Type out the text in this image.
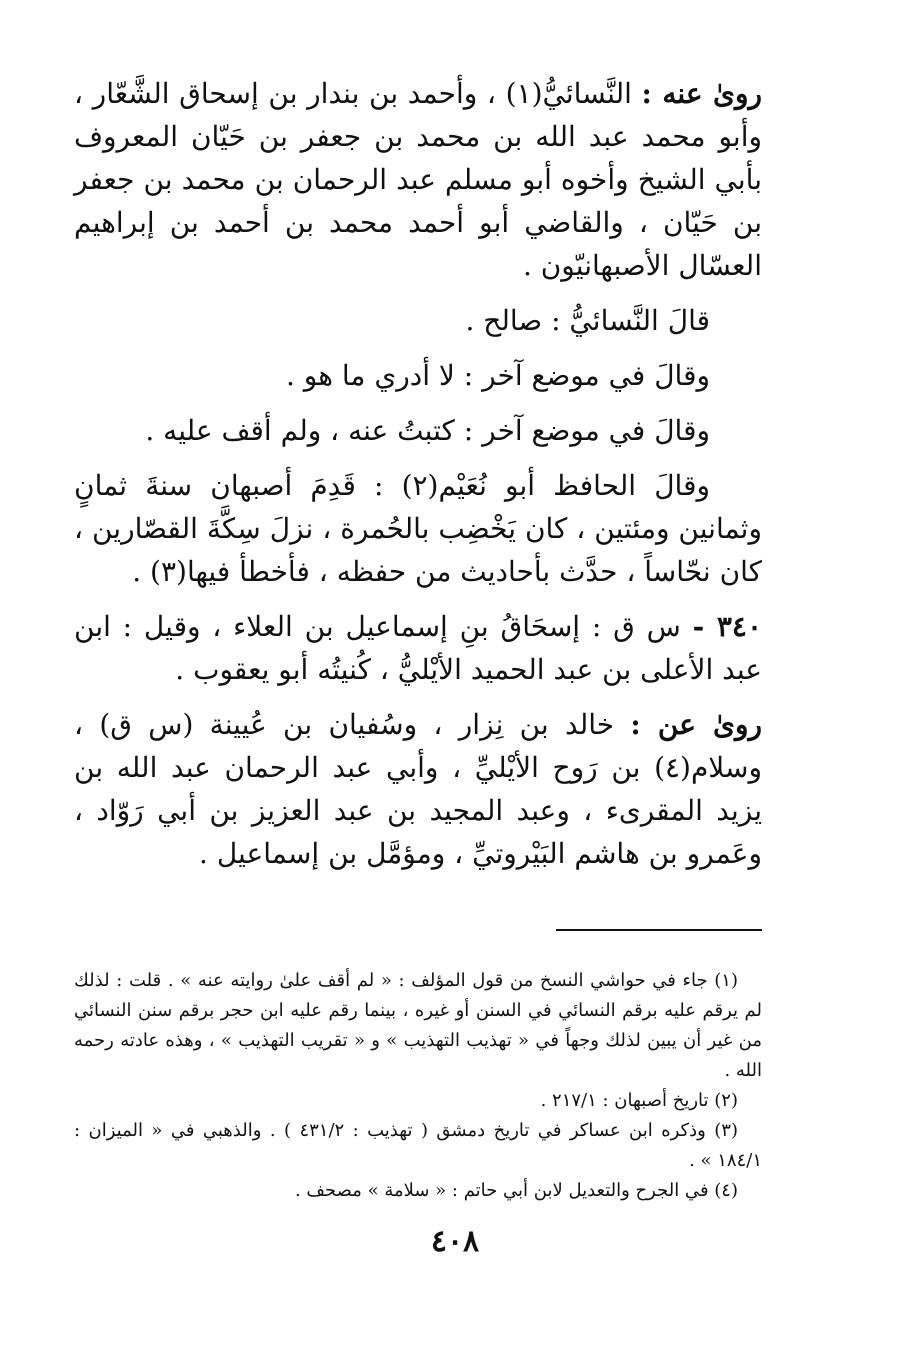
روىٰ عنه : النَّسائيُّ(١) ، وأحمد بن بندار بن إسحاق الشَّعّار ، وأبو محمد عبد الله بن محمد بن جعفر بن حَيّان المعروف بأبي الشيخ وأخوه أبو مسلم عبد الرحمان بن محمد بن جعفر بن حَيّان ، والقاضي أبو أحمد محمد بن أحمد بن إبراهيم العسّال الأصبهانيّون .

قالَ النَّسائيُّ : صالح .

وقالَ في موضع آخر : لا أدري ما هو .

وقالَ في موضع آخر : كتبتُ عنه ، ولم أقف عليه .

وقالَ الحافظ أبو نُعَيْم(٢) : قَدِمَ أصبهان سنةَ ثمانٍ وثمانين ومئتين ، كان يَخْضِب بالحُمرة ، نزلَ سِكَّةَ القصّارين ، كان نحّاساً ، حدَّث بأحاديث من حفظه ، فأخطأ فيها(٣) .

٣٤٠ - س ق : إسحَاقُ بنِ إسماعيل بن العلاء ، وقيل : ابن عبد الأعلى بن عبد الحميد الأيْليُّ ، كُنيتُه أبو يعقوب .

روىٰ عن : خالد بن نِزار ، وسُفيان بن عُيينة (س ق) ، وسلام(٤) بن رَوح الأيْليِّ ، وأبي عبد الرحمان عبد الله بن يزيد المقرىء ، وعبد المجيد بن عبد العزيز بن أبي رَوّاد ، وعَمرو بن هاشم البَيْروتيِّ ، ومؤمَّل بن إسماعيل .

(١) جاء في حواشي النسخ من قول المؤلف : « لم أقف علىٰ روايته عنه » . قلت : لذلك لم يرقم عليه برقم النسائي في السنن أو غيره ، بينما رقم عليه ابن حجر برقم سنن النسائي من غير أن يبين لذلك وجهاً في « تهذيب التهذيب » و « تقريب التهذيب » ، وهذه عادته رحمه الله .

(٢) تاريخ أصبهان : ٢١٧/١ .

(٣) وذكره ابن عساكر في تاريخ دمشق ( تهذيب : ٤٣١/٢ ) . والذهبي في « الميزان : ١٨٤/١ » .

(٤) في الجرح والتعديل لابن أبي حاتم : « سلامة » مصحف .

٤٠٨
